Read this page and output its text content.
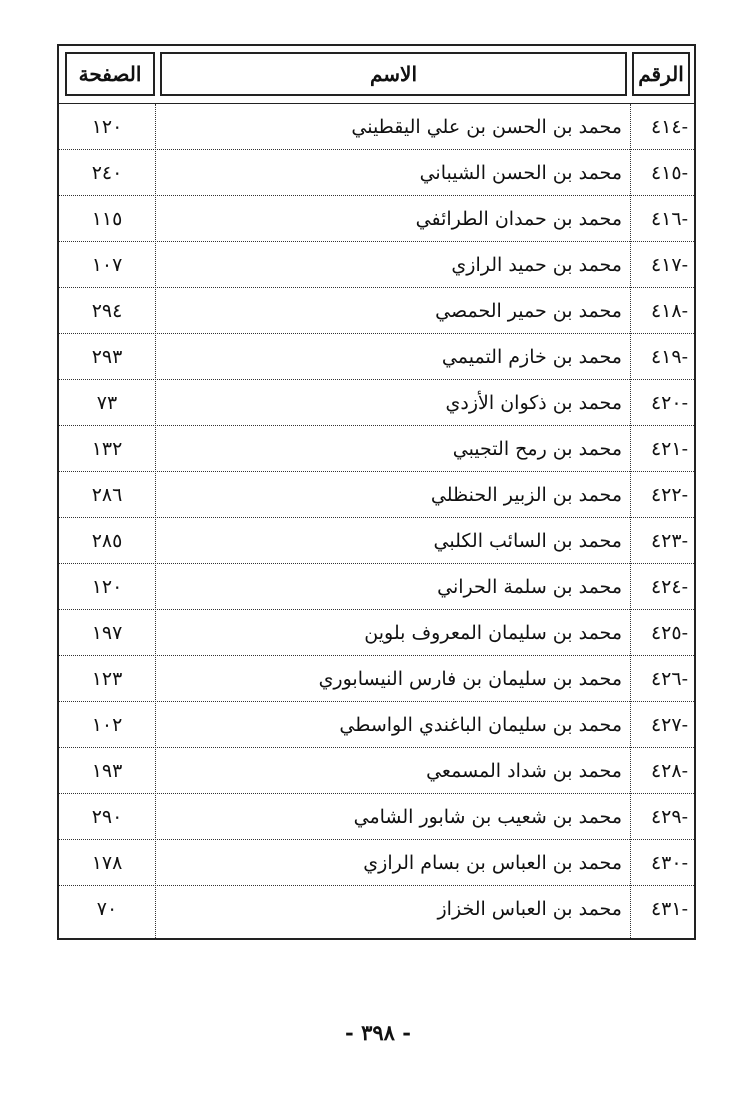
الصفحة	الاسم	الرقم
١٢٠	محمد بن الحسن بن علي اليقطيني	٤١٤-
٢٤٠	محمد بن الحسن الشيباني	٤١٥-
١١٥	محمد بن حمدان الطرائفي	٤١٦-
١٠٧	محمد بن حميد الرازي	٤١٧-
٢٩٤	محمد بن حمير الحمصي	٤١٨-
٢٩٣	محمد بن خازم التميمي	٤١٩-
٧٣	محمد بن ذكوان الأزدي	٤٢٠-
١٣٢	محمد بن رمح التجيبي	٤٢١-
٢٨٦	محمد بن الزبير الحنظلي	٤٢٢-
٢٨٥	محمد بن السائب الكلبي	٤٢٣-
١٢٠	محمد بن سلمة الحراني	٤٢٤-
١٩٧	محمد بن سليمان المعروف بلوين	٤٢٥-
١٢٣	محمد بن سليمان بن فارس النيسابوري	٤٢٦-
١٠٢	محمد بن سليمان الباغندي الواسطي	٤٢٧-
١٩٣	محمد بن شداد المسمعي	٤٢٨-
٢٩٠	محمد بن شعيب بن شابور الشامي	٤٢٩-
١٧٨	محمد بن العباس بن بسام الرازي	٤٣٠-
٧٠	محمد بن العباس الخزاز	٤٣١-
- ٣٩٨ -
